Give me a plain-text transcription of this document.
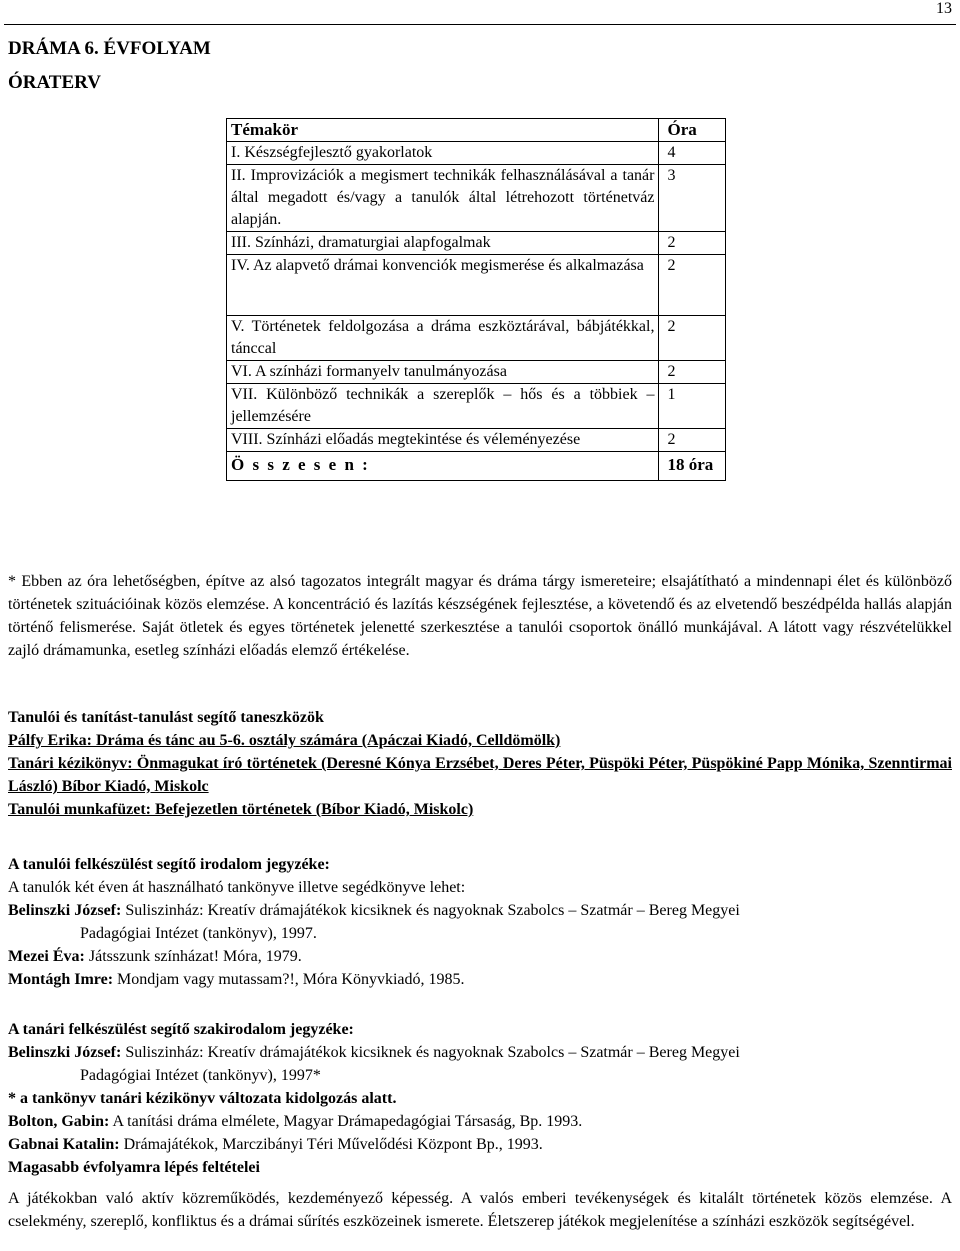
13
DRÁMA 6. ÉVFOLYAM
ÓRATERV
Témakör	Óra
I. Készségfejlesztő gyakorlatok	4
II. Improvizációk a megismert technikák felhasználásával a tanár által megadott és/vagy a tanulók által létrehozott történetváz alapján.	3
III. Színházi, dramaturgiai alapfogalmak	2
IV. Az alapvető drámai konvenciók megismerése és alkalmazása	2
V. Történetek feldolgozása a dráma eszköztárával, bábjátékkal, tánccal	2
VI. A színházi formanyelv tanulmányozása	2
VII. Különböző technikák a szereplők – hős és a többiek – jellemzésére	1
VIII. Színházi előadás megtekintése és véleményezése	2
Ö s s z e s e n :	18 óra
* Ebben az óra lehetőségben, építve az alsó tagozatos integrált magyar és dráma tárgy ismereteire; elsajátítható a mindennapi élet és különböző történetek szituációinak közös elemzése. A koncentráció és lazítás készségének fejlesztése, a követendő és az elvetendő beszédpélda hallás alapján történő felismerése. Saját ötletek és egyes történetek jelenetté szerkesztése a tanulói csoportok önálló munkájával. A látott vagy részvételükkel zajló drámamunka, esetleg színházi előadás elemző értékelése.
Tanulói és tanítást-tanulást segítő taneszközök
Pálfy Erika: Dráma és tánc au 5-6. osztály számára (Apáczai Kiadó, Celldömölk)
Tanári kézikönyv: Önmagukat író történetek (Deresné Kónya Erzsébet, Deres Péter, Püspöki Péter, Püspökiné Papp Mónika, Szenntirmai László) Bíbor Kiadó, Miskolc
Tanulói munkafüzet: Befejezetlen történetek (Bíbor Kiadó, Miskolc)
A tanulói felkészülést segítő irodalom jegyzéke:
A tanulók két éven át használható tankönyve illetve segédkönyve lehet:
Belinszki József: Suliszinház: Kreatív drámajátékok kicsiknek és nagyoknak Szabolcs – Szatmár – Bereg Megyei
Padagógiai Intézet (tankönyv), 1997.
Mezei Éva: Játsszunk színházat! Móra, 1979.
Montágh Imre: Mondjam vagy mutassam?!, Móra Könyvkiadó, 1985.
A tanári felkészülést segítő szakirodalom jegyzéke:
Belinszki József: Suliszinház: Kreatív drámajátékok kicsiknek és nagyoknak Szabolcs – Szatmár – Bereg Megyei
Padagógiai Intézet (tankönyv), 1997*
* a tankönyv tanári kézikönyv változata kidolgozás alatt.
Bolton, Gabin: A tanítási dráma elmélete, Magyar Drámapedagógiai Társaság, Bp. 1993.
Gabnai Katalin: Drámajátékok, Marczibányi Téri Művelődési Központ Bp., 1993.
Magasabb évfolyamra lépés feltételei
A játékokban való aktív közreműködés, kezdeményező képesség. A valós emberi tevékenységek és kitalált történetek közös elemzése. A cselekmény, szereplő, konfliktus és a drámai sűrítés eszközeinek ismerete. Életszerep játékok megjelenítése a színházi eszközök segítségével.
